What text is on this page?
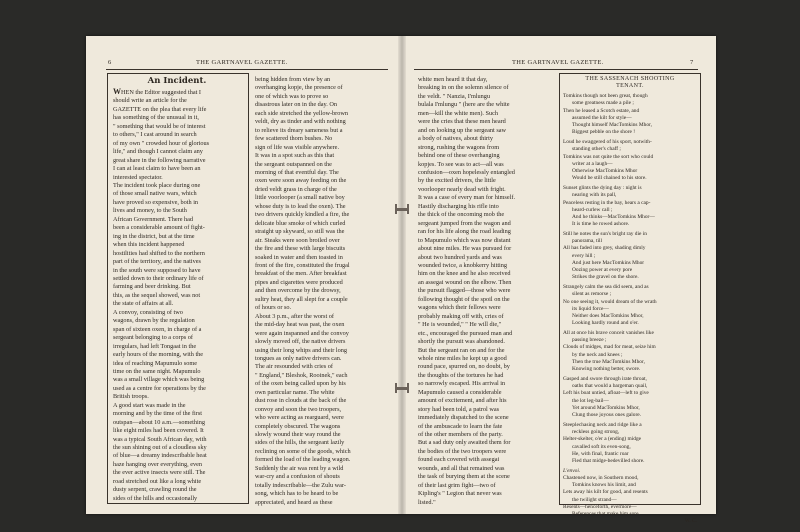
6	THE GARTNAVEL GAZETTE.
An Incident.
WHEN the Editor suggested that I
should write an article for the
GAZETTE on the plea that every life
has something of the unusual in it,
" something that would be of interest
to others," I cast around in search
of my own " crowded hour of glorious
life," and though I cannot claim any
great share in the following narrative
I can at least claim to have been an
interested spectator.
The incident took place during one
of those small native wars, which
have proved so expensive, both in
lives and money, to the South
African Government. There had
been a considerable amount of fight-
ing in the district, but at the time
when this incident happened
hostilities had shifted to the northern
part of the territory, and the natives
in the south were supposed to have
settled down to their ordinary life of
farming and beer drinking. But
this, as the sequel showed, was not
the state of affairs at all.
A convoy, consisting of two
wagons, drawn by the regulation
span of sixteen oxen, in charge of a
sergeant belonging to a corps of
irregulars, had left Tongaat in the
early hours of the morning, with the
idea of reaching Mapumulo some
time on the same night. Mapumulo
was a small village which was being
used as a centre for operations by the
British troops.
A good start was made in the
morning and by the time of the first
outspan—about 10 a.m.—something
like eight miles had been covered. It
was a typical South African day, with
the sun shining out of a cloudless sky
of blue—a dreamy indescribable heat
haze hanging over everything, even
the ever active insects were still. The
road stretched out like a long white
dusty serpent, crawling round the
sides of the hills and occasionally
being hidden from view by an
overhanging kopje, the presence of
one of which was to prove so
disastrous later on in the day. On
each side stretched the yellow-brown
veldt, dry as tinder and with nothing
to relieve its dreary sameness but a
few scattered thorn bushes. No
sign of life was visible anywhere.
It was in a spot such as this that
the sergeant outspanned on the
morning of that eventful day. The
oxen were soon away feeding on the
dried veldt grass in charge of the
little voorlooper (a small native boy
whose duty is to lead the oxen). The
two drivers quickly kindled a fire, the
delicate blue smoke of which curled
straight up skyward, so still was the
air. Steaks were soon broiled over
the fire and these with large biscuits
soaked in water and then toasted in
front of the fire, constituted the frugal
breakfast of the men. After breakfast
pipes and cigarettes were produced
and then overcome by the drowsy,
sultry heat, they all slept for a couple
of hours or so.
About 3 p.m., after the worst of
the mid-day heat was past, the oxen
were again inspanned and the convoy
slowly moved off, the native drivers
using their long whips and their long
tongues as only native drivers can.
The air resounded with cries of
" England," Bleshok, Rooinek," each
of the oxen being called upon by his
own particular name. The white
dust rose in clouds at the back of the
convoy and soon the two troopers,
who were acting as rearguard, were
completely obscured. The wagons
slowly wound their way round the
sides of the hills, the sergeant lazily
reclining on some of the goods, which
formed the load of the leading wagon.
Suddenly the air was rent by a wild
war-cry and a confusion of shouts
totally indescribable—the Zulu war-
song, which has to be heard to be
appreciated, and heard as these
THE GARTNAVEL GAZETTE.	7
white men heard it that day,
breaking in on the solemn silence of
the veldt. " Nanzia, I'mlungu
bulala I'mlungu " (here are the white
men—kill the white men). Such
were the cries that these men heard
and on looking up the sergeant saw
a body of natives, about thirty
strong, rushing the wagons from
behind one of these overhanging
kopjes. To see was to act—all was
confusion—oxen hopelessly entangled
by the excited drivers, the little
voorlooper nearly dead with fright.
It was a case of every man for himself.
Hastily discharging his rifle into
the thick of the oncoming mob the
sergeant jumped from the wagon and
ran for his life along the road leading
to Mapumulo which was now distant
about nine miles. He was pursued for
about two hundred yards and was
wounded twice, a knobkerry hitting
him on the knee and he also received
an assegai wound on the elbow. Then
the pursuit flagged—those who were
following thought of the spoil on the
wagons which their fellows were
probably making off with, cries of
" He is wounded," " He will die,"
etc., encouraged the pursued man and
shortly the pursuit was abandoned.
But the sergeant ran on and for the
whole nine miles he kept up a good
round pace, spurred on, no doubt, by
the thoughts of the tortures he had
so narrowly escaped. His arrival in
Mapumulo caused a considerable
amount of excitement, and after his
story had been told, a patrol was
immediately dispatched to the scene
of the ambuscade to learn the fate
of the other members of the party.
But a sad duty only awaited them for
the bodies of the two troopers were
found each covered with assegai
wounds, and all that remained was
the task of burying them at the scene
of their last grim fight—two of
Kipling's " Legion that never was
listed."
THE SASSENACH SHOOTING
TENANT.
Tomkins though not been great, though
some greatness made a pile ;
Then he leased a Scotch estate, and
assumed the kilt for style—
Thought himself MacTomkins Mhor,
Biggest pebble on the shore !
Loud he swaggered of his sport, notwith-
standing other's chaff ;
Tomkins was not quite the sort who could
writer at a laugh—
Otherwise MacTomkins Mhor
Would be still chained to his store.
Sunset glints the dying day : night is
nearing with its pall,
Peaceless resting in the bay, hears a cap-
heard-curlew call ;
And he thinks—MacTomkins Mhor—
It is time he rowed ashore.
Still he notes the sun's bright ray die in
panorama, till
All has faded into grey, shading dimly
every hill ;
And just here MacTomkins Mhor
Oozing power at every pore
Strikes the gravel on the shore.
Strangely calm the sea did seem, and as
silent as remorse ;
No one seeing it, would dream of the wrath
its liquid force—
Neither does MacTomkins Mhor,
Looking hardly round and o'er.
All at once his brave conceit vanishes like
passing breeze ;
Clouds of midges, mad for meat, seize him
by the neck and knees ;
Then the true MacTomkins Mhor,
Knowing nothing better, swore.
Gasped and swore through irate throat,
oaths that would a bargeman quail,
Left his boat untied, afloat—left to give
the lot leg-bail—
Yet around MacTomkins Mhor,
Clung those joyous ones galore.
Steeplechasing neck and ridge like a
reckless going strong,
Helter-skelter, o'er a (ending) midge
cavalled soft its even-song,
He, with final, frantic roar
Fled that midge-bedevilled shore.
L'envoi.
Chastened now, in Southern mood,
Tomkins knows his limit, and
Lets away his kilt for good, and resents
the twilight strand—
Resents—henceforth, evermore—
References that make him sore.
W. C.
